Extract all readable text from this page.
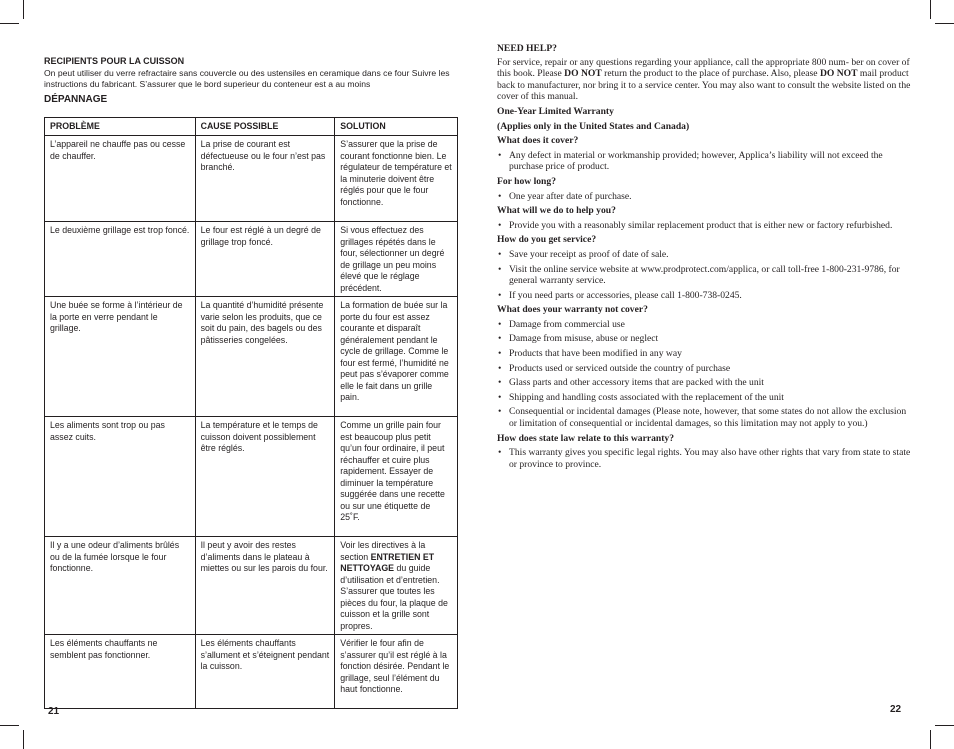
RECIPIENTS POUR LA CUISSON

On peut utiliser du verre refractaire sans couvercle ou des ustensiles en ceramique dans ce four Suivre les instructions du fabricant. S’assurer que le bord superieur du conteneur est a au moins

DÉPANNAGE
PROBLÈME	CAUSE POSSIBLE	SOLUTION
L’appareil ne chauffe pas ou cesse de chauffer.	La prise de courant est défectueuse ou le four n’est pas branché.	S’assurer que la prise de courant fonctionne bien. Le régulateur de température et la minuterie doivent être réglés pour que le four fonctionne.
Le deuxième grillage est trop foncé.	Le four est réglé à un degré de grillage trop foncé.	Si vous effectuez des grillages répétés dans le four, sélectionner un degré de grillage un peu moins élevé que le réglage précédent.
Une buée se forme à l’intérieur de la porte en verre pendant le grillage.	La quantité d’humidité présente varie selon les produits, que ce soit du pain, des bagels ou des pâtisseries congelées.	La formation de buée sur la porte du four est assez courante et disparaît généralement pendant le cycle de grillage. Comme le four est fermé, l’humidité ne peut pas s’évaporer comme elle le fait dans un grille pain.
Les aliments sont trop ou pas assez cuits.	La température et le temps de cuisson doivent possiblement être réglés.	Comme un grille pain four est beaucoup plus petit qu’un four ordinaire, il peut réchauffer et cuire plus rapidement. Essayer de diminuer la température suggérée dans une recette ou sur une étiquette de 25˚F.
Il y a une odeur d’aliments brûlés ou de la fumée lorsque le four fonctionne.	Il peut y avoir des restes d’aliments dans le plateau à miettes ou sur les parois du four.	Voir les directives à la section ENTRETIEN ET NETTOYAGE du guide d’utilisation et d’entretien. S’assurer que toutes les pièces du four, la plaque de cuisson et la grille sont propres.
Les éléments chauffants ne semblent pas fonctionner.	Les éléments chauffants s’allument et s’éteignent pendant la cuisson.	Vérifier le four afin de s’assurer qu’il est réglé à la fonction désirée. Pendant le grillage, seul l’élément du haut fonctionne.
21

NEED HELP?

For service, repair or any questions regarding your appliance, call the appropriate 800 num- ber on cover of this book. Please DO NOT return the product to the place of purchase. Also, please DO NOT mail product back to manufacturer, nor bring it to a service center. You may also want to consult the website listed on the cover of this manual.

One-Year Limited Warranty

(Applies only in the United States and Canada)

What does it cover?

• Any defect in material or workmanship provided; however, Applica’s liability will not exceed the purchase price of product.

For how long?

• One year after date of purchase.

What will we do to help you?

• Provide you with a reasonably similar replacement product that is either new or factory refurbished.

How do you get service?

• Save your receipt as proof of date of sale.
• Visit the online service website at www.prodprotect.com/applica, or call toll-free 1-800-231-9786, for general warranty service.
• If you need parts or accessories, please call 1-800-738-0245.

What does your warranty not cover?

• Damage from commercial use
• Damage from misuse, abuse or neglect
• Products that have been modified in any way
• Products used or serviced outside the country of purchase
• Glass parts and other accessory items that are packed with the unit
• Shipping and handling costs associated with the replacement of the unit
• Consequential or incidental damages (Please note, however, that some states do not allow the exclusion or limitation of consequential or incidental damages, so this limitation may not apply to you.)

How does state law relate to this warranty?

• This warranty gives you specific legal rights. You may also have other rights that vary from state to state or province to province.
22
